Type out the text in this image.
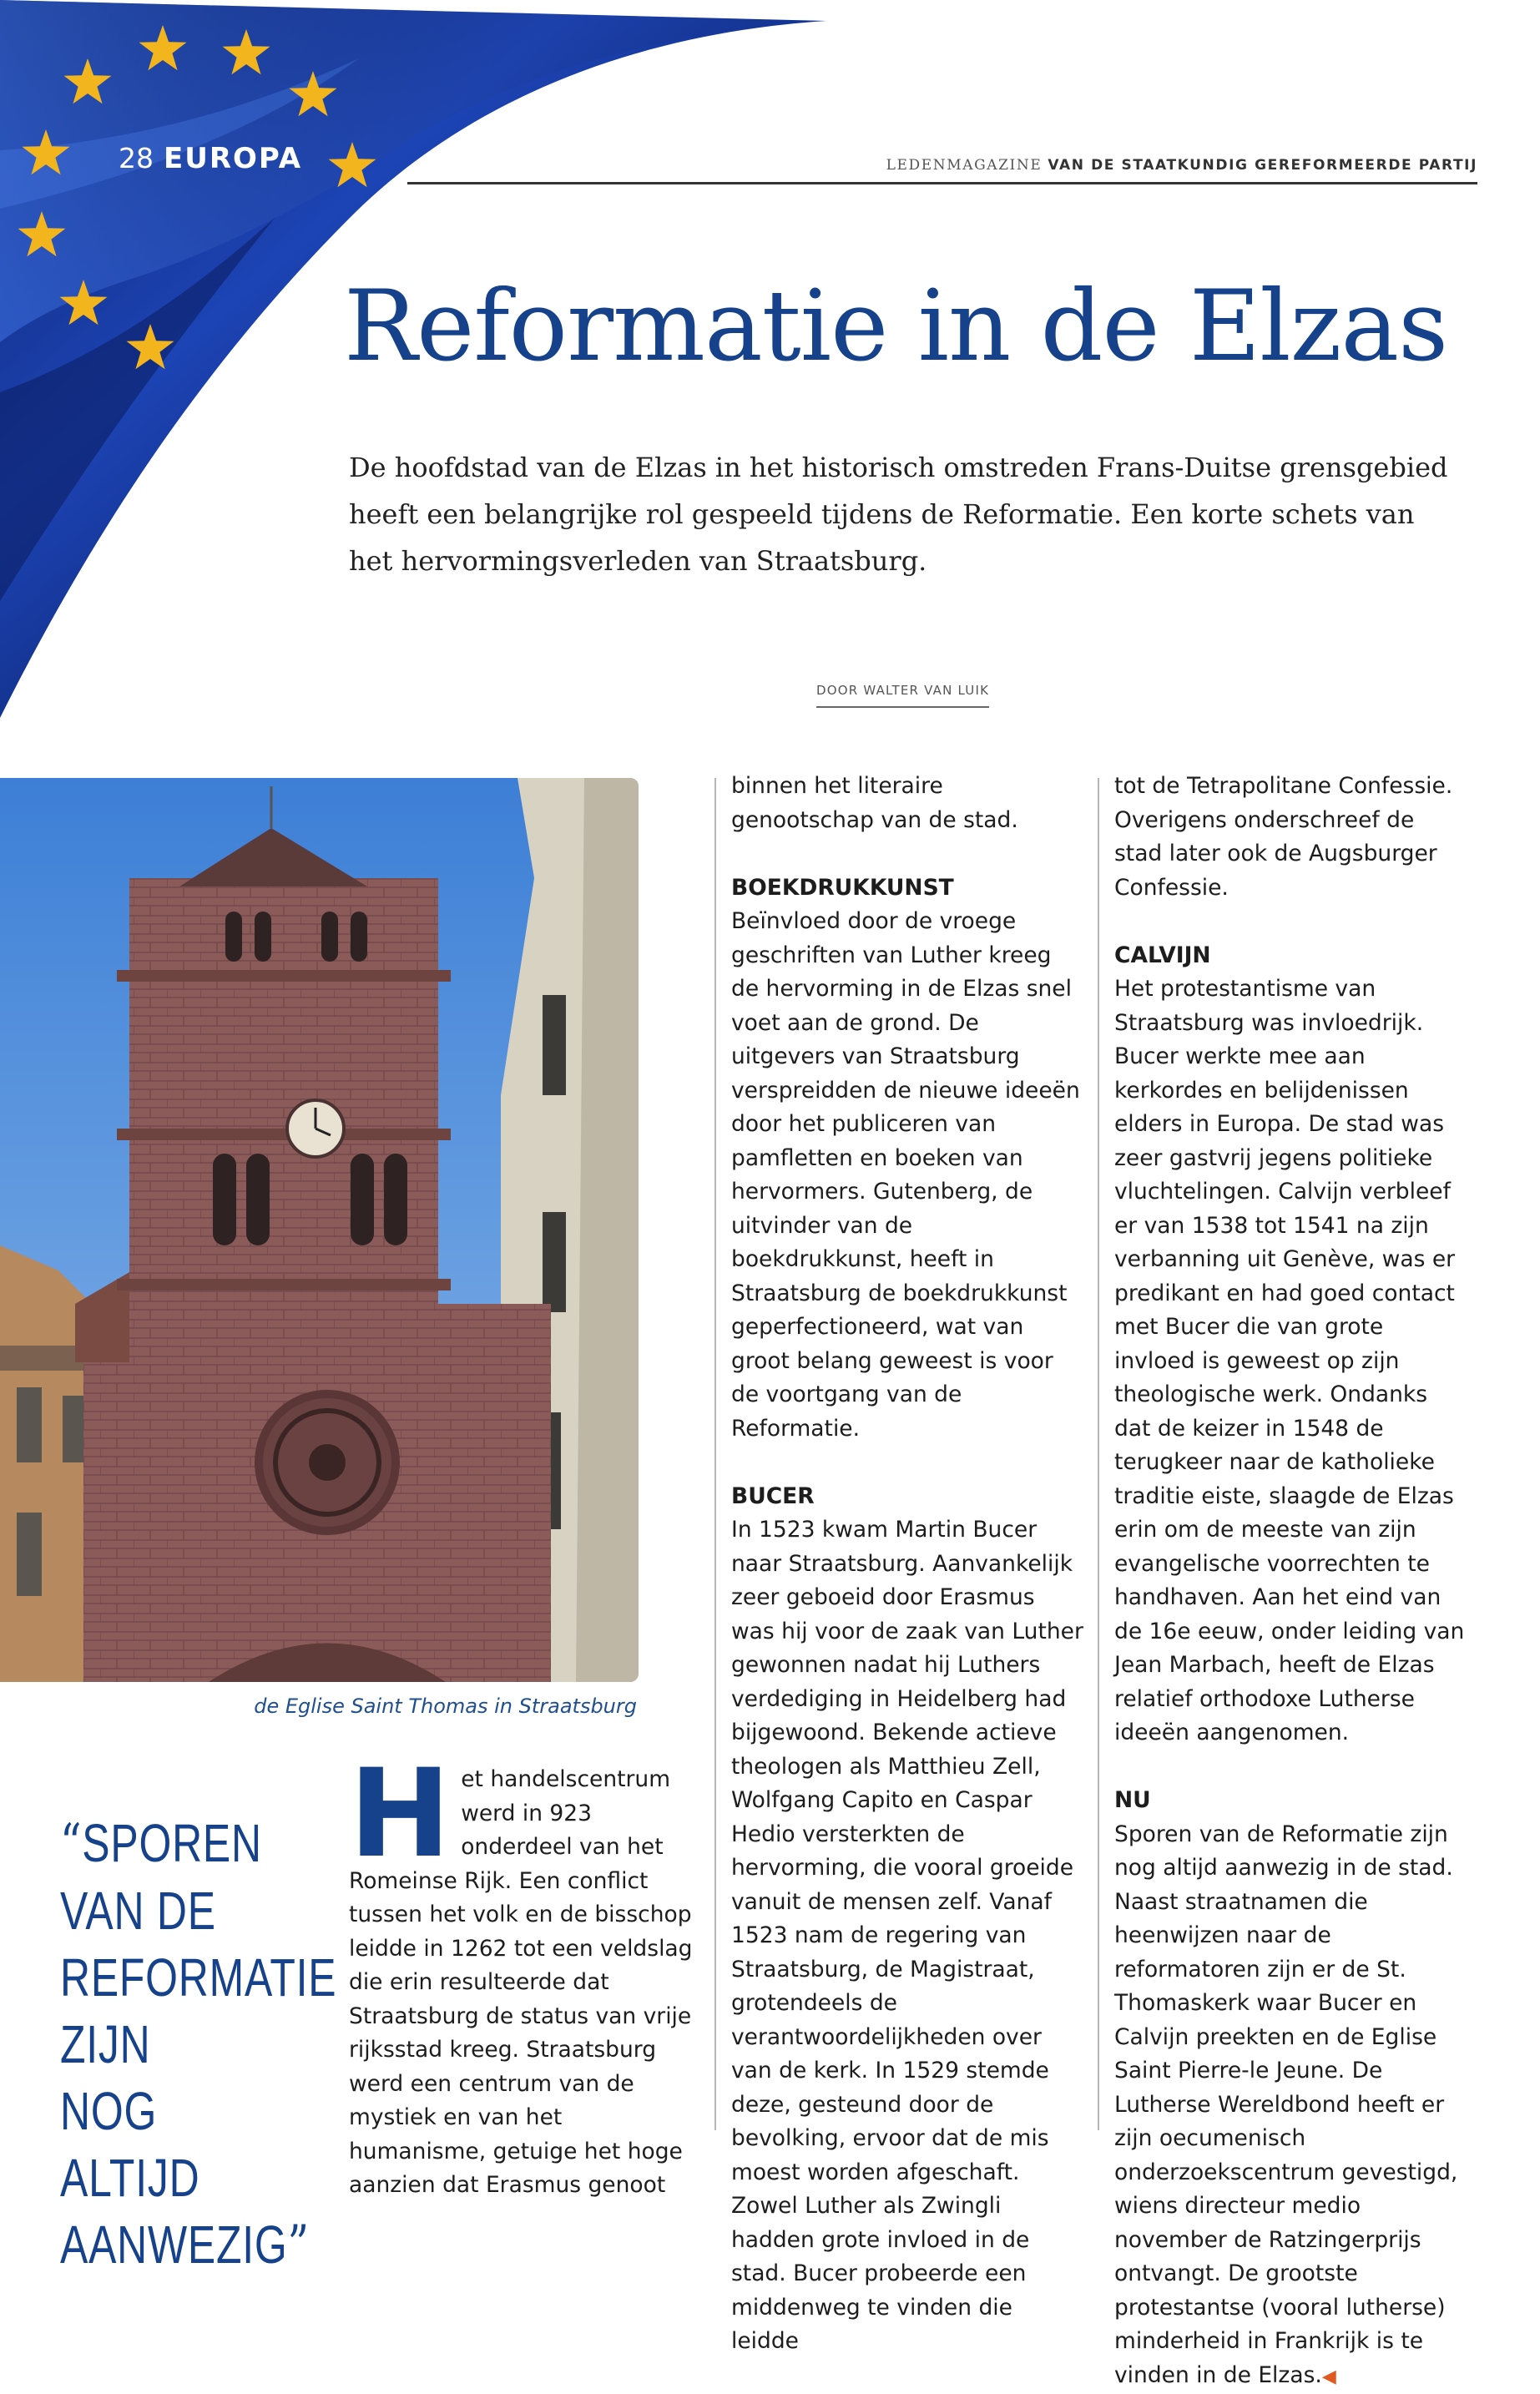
28 EUROPA	LEDENMAGAZINE VAN DE STAATKUNDIG GEREFORMEERDE PARTIJ
Reformatie in de Elzas
De hoofdstad van de Elzas in het historisch omstreden Frans-Duitse grensgebied heeft een belangrijke rol gespeeld tijdens de Reformatie. Een korte schets van het hervormingsverleden van Straatsburg.
DOOR WALTER VAN LUIK
de Eglise Saint Thomas in Straatsburg
“SPOREN VAN DE REFORMATIE ZIJN NOG ALTIJD AANWEZIG”

Het handelscentrum werd in 923 onderdeel van het Romeinse Rijk. Een conflict tussen het volk en de bisschop leidde in 1262 tot een veldslag die erin resulteerde dat Straatsburg de status van vrije rijksstad kreeg. Straatsburg werd een centrum van de mystiek en van het humanisme, getuige het hoge aanzien dat Erasmus genoot

binnen het literaire genootschap van de stad.

BOEKDRUKKUNST

Beïnvloed door de vroege geschriften van Luther kreeg de hervorming in de Elzas snel voet aan de grond. De uitgevers van Straatsburg verspreidden de nieuwe ideeën door het publiceren van pamfletten en boeken van hervormers. Gutenberg, de uitvinder van de boekdrukkunst, heeft in Straatsburg de boekdrukkunst geperfectioneerd, wat van groot belang geweest is voor de voortgang van de Reformatie.

BUCER

In 1523 kwam Martin Bucer naar Straatsburg. Aanvankelijk zeer geboeid door Erasmus was hij voor de zaak van Luther gewonnen nadat hij Luthers verdediging in Heidelberg had bijgewoond. Bekende actieve theologen als Matthieu Zell, Wolfgang Capito en Caspar Hedio versterkten de hervorming, die vooral groeide vanuit de mensen zelf. Vanaf 1523 nam de regering van Straatsburg, de Magistraat, grotendeels de verantwoordelijkheden over van de kerk. In 1529 stemde deze, gesteund door de bevolking, ervoor dat de mis moest worden afgeschaft. Zowel Luther als Zwingli hadden grote invloed in de stad. Bucer probeerde een middenweg te vinden die leidde

tot de Tetrapolitane Confessie. Overigens onderschreef de stad later ook de Augsburger Confessie.

CALVIJN

Het protestantisme van Straatsburg was invloedrijk. Bucer werkte mee aan kerkordes en belijdenissen elders in Europa. De stad was zeer gastvrij jegens politieke vluchtelingen. Calvijn verbleef er van 1538 tot 1541 na zijn verbanning uit Genève, was er predikant en had goed contact met Bucer die van grote invloed is geweest op zijn theologische werk. Ondanks dat de keizer in 1548 de terugkeer naar de katholieke traditie eiste, slaagde de Elzas erin om de meeste van zijn evangelische voorrechten te handhaven. Aan het eind van de 16e eeuw, onder leiding van Jean Marbach, heeft de Elzas relatief orthodoxe Lutherse ideeën aangenomen.

NU

Sporen van de Reformatie zijn nog altijd aanwezig in de stad. Naast straatnamen die heenwijzen naar de reformatoren zijn er de St. Thomaskerk waar Bucer en Calvijn preekten en de Eglise Saint Pierre-le Jeune. De Lutherse Wereldbond heeft er zijn oecumenisch onderzoekscentrum gevestigd, wiens directeur medio november de Ratzingerprijs ontvangt. De grootste protestantse (vooral lutherse) minderheid in Frankrijk is te vinden in de Elzas.◀
